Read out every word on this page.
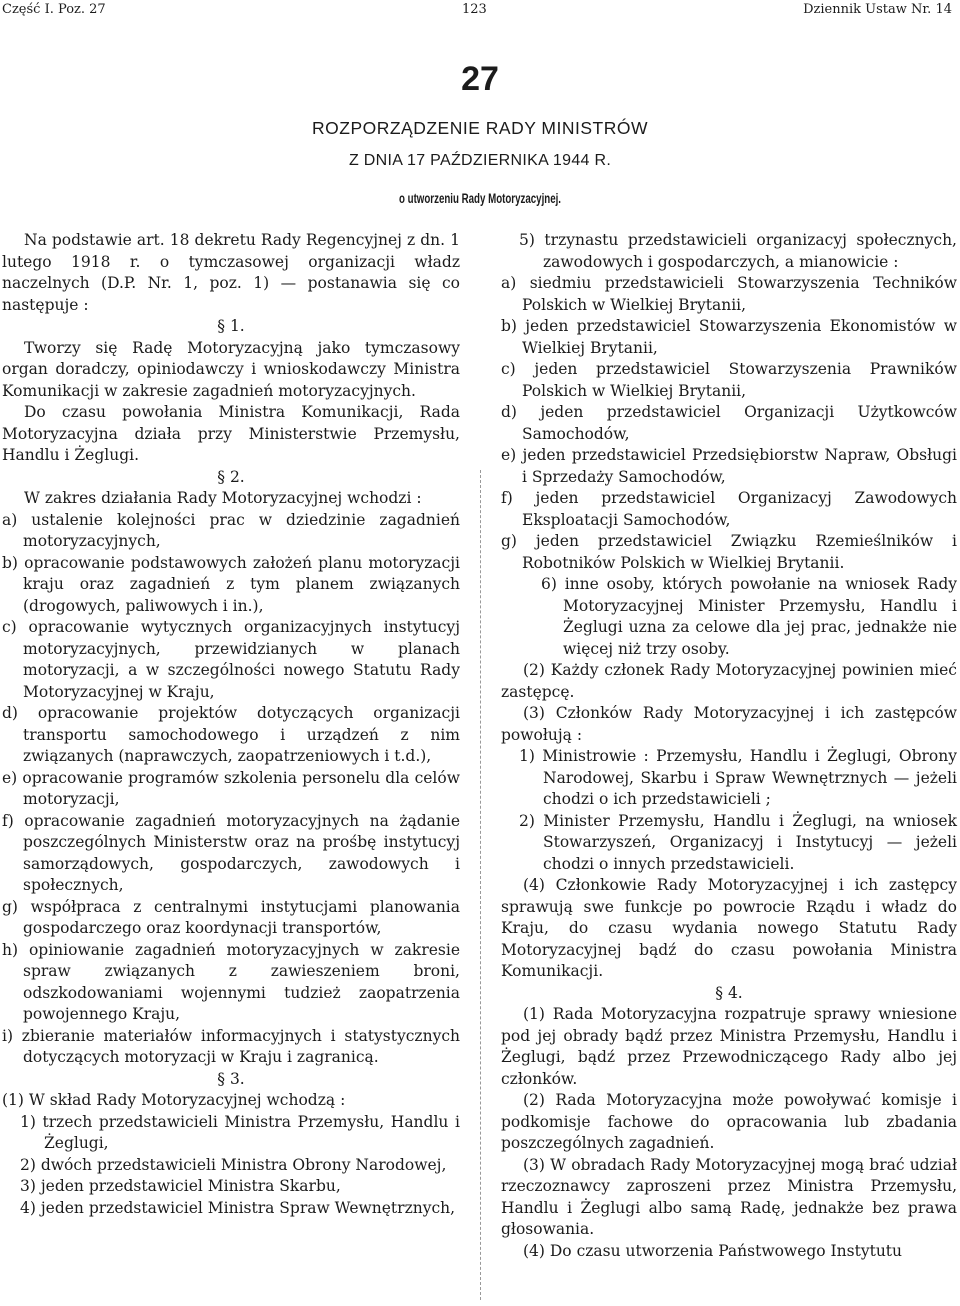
Część I. Poz. 27	123	Dziennik Ustaw Nr. 14
27
ROZPORZĄDZENIE RADY MINISTRÓW
Z DNIA 17 PAŹDZIERNIKA 1944 R.
o utworzeniu Rady Motoryzacyjnej.

Na podstawie art. 18 dekretu Rady Regencyjnej z dn. 1 lutego 1918 r. o tymczasowej organizacji władz naczelnych (D.P. Nr. 1, poz. 1) — postanawia się co następuje :

§ 1.

Tworzy się Radę Motoryzacyjną jako tymczasowy organ doradczy, opiniodawczy i wnioskodawczy Ministra Komunikacji w zakresie zagadnień motoryzacyjnych.

Do czasu powołania Ministra Komunikacji, Rada Motoryzacyjna działa przy Ministerstwie Przemysłu, Handlu i Żeglugi.

§ 2.

W zakres działania Rady Motoryzacyjnej wchodzi :

a) ustalenie kolejności prac w dziedzinie zagadnień motoryzacyjnych,

b) opracowanie podstawowych założeń planu motoryzacji kraju oraz zagadnień z tym planem związanych (drogowych, paliwowych i in.),

c) opracowanie wytycznych organizacyjnych instytucyj motoryzacyjnych, przewidzianych w planach motoryzacji, a w szczególności nowego Statutu Rady Motoryzacyjnej w Kraju,

d) opracowanie projektów dotyczących organizacji transportu samochodowego i urządzeń z nim związanych (naprawczych, zaopatrzeniowych i t.d.),

e) opracowanie programów szkolenia personelu dla celów motoryzacji,

f) opracowanie zagadnień motoryzacyjnych na żądanie poszczególnych Ministerstw oraz na prośbę instytucyj samorządowych, gospodarczych, zawodowych i społecznych,

g) współpraca z centralnymi instytucjami planowania gospodarczego oraz koordynacji transportów,

h) opiniowanie zagadnień motoryzacyjnych w zakresie spraw związanych z zawieszeniem broni, odszkodowaniami wojennymi tudzież zaopatrzenia powojennego Kraju,

i) zbieranie materiałów informacyjnych i statystycznych dotyczących motoryzacji w Kraju i zagranicą.

§ 3.

(1) W skład Rady Motoryzacyjnej wchodzą :

1) trzech przedstawicieli Ministra Przemysłu, Handlu i Żeglugi,

2) dwóch przedstawicieli Ministra Obrony Narodowej,

3) jeden przedstawiciel Ministra Skarbu,

4) jeden przedstawiciel Ministra Spraw Wewnętrznych,

5) trzynastu przedstawicieli organizacyj społecznych, zawodowych i gospodarczych, a mianowicie :

a) siedmiu przedstawicieli Stowarzyszenia Techników Polskich w Wielkiej Brytanii,

b) jeden przedstawiciel Stowarzyszenia Ekonomistów w Wielkiej Brytanii,

c) jeden przedstawiciel Stowarzyszenia Prawników Polskich w Wielkiej Brytanii,

d) jeden przedstawiciel Organizacji Użytkowców Samochodów,

e) jeden przedstawiciel Przedsiębiorstw Napraw, Obsługi i Sprzedaży Samochodów,

f) jeden przedstawiciel Organizacyj Zawodowych Eksploatacji Samochodów,

g) jeden przedstawiciel Związku Rzemieślników i Robotników Polskich w Wielkiej Brytanii.

6) inne osoby, których powołanie na wniosek Rady Motoryzacyjnej Minister Przemysłu, Handlu i Żeglugi uzna za celowe dla jej prac, jednakże nie więcej niż trzy osoby.

(2) Każdy członek Rady Motoryzacyjnej powinien mieć zastępcę.

(3) Członków Rady Motoryzacyjnej i ich zastępców powołują :

1) Ministrowie : Przemysłu, Handlu i Żeglugi, Obrony Narodowej, Skarbu i Spraw Wewnętrznych — jeżeli chodzi o ich przedstawicieli ;

2) Minister Przemysłu, Handlu i Żeglugi, na wniosek Stowarzyszeń, Organizacyj i Instytucyj — jeżeli chodzi o innych przedstawicieli.

(4) Członkowie Rady Motoryzacyjnej i ich zastępcy sprawują swe funkcje po powrocie Rządu i władz do Kraju, do czasu wydania nowego Statutu Rady Motoryzacyjnej bądź do czasu powołania Ministra Komunikacji.

§ 4.

(1) Rada Motoryzacyjna rozpatruje sprawy wniesione pod jej obrady bądź przez Ministra Przemysłu, Handlu i Żeglugi, bądź przez Przewodniczącego Rady albo jej członków.

(2) Rada Motoryzacyjna może powoływać komisje i podkomisje fachowe do opracowania lub zbadania poszczególnych zagadnień.

(3) W obradach Rady Motoryzacyjnej mogą brać udział rzeczoznawcy zaproszeni przez Ministra Przemysłu, Handlu i Żeglugi albo samą Radę, jednakże bez prawa głosowania.

(4) Do czasu utworzenia Państwowego Instytutu
